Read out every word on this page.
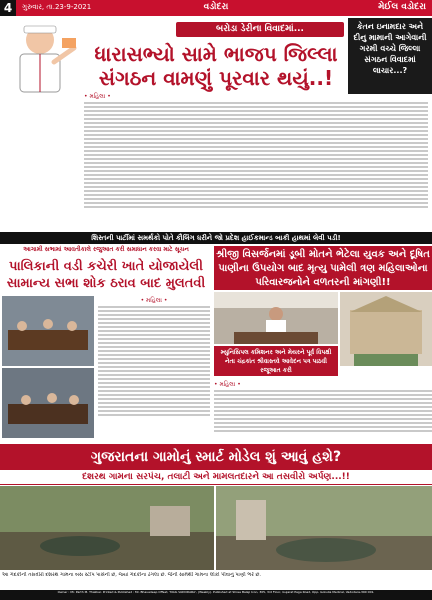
4	ગુરુવાર, તા.23-9-2021	વડોદરા	મેઈલ વડોદરા
બરોડા ડેરીના વિવાદમાં...
ધારાસભ્યો સામે ભાજપ જિલ્લા
સંગઠન વામણું પૂરવાર થયું..!
કેતન ઇનામદાર અને દીનુ મામાની આગેવાની ગરમી વચ્ચે જિલ્લા સંગઠન વિવાદમાં લાચાર...?
• મહિલા •
શિસ્તની પાર્ટીમાં સમર્થકો પોતે કૌલિંગ ધરીને જો પ્રદેશ હાઈકમાન્ડ બાકી હાથમાં લેવી પડી!
આગામી સભામાં આવતીકાલે રજુઆત કરી સમાધાન કરવા માટે સૂચન
પાલિકાની વડી કચેરી ખાતે યોજાયેલી
સામાન્ય સભા શોક ઠરાવ બાદ મુલતવી
• મહિલા •
શ્રીજી વિસર્જનમાં ડૂબી મોતને ભેટેલા યુવક અને દૂષિત
પાણીના ઉપયોગ બાદ મૃત્યુ પામેલી ત્રણ મહિલાઓના
પરિવારજનોને વળતરની માંગણી!!
મ્યુનિસિપલ કમિશનર અને મેયરને પૂર્વ વિપક્ષી નેતા ચંદ્રકાંત શ્રીવાસ્તવે આવેદન પત્ર પાઠવી રજૂઆત કરી
• મહિલા •
ગુજરાતના ગામોનું સ્માર્ટ મોડેલ શું આવું હશે?
દશરથ ગામના સરપંચ, તલાટી અને મામલતદારને આ તસવીરો અર્પણ...!!
આ ગંદકીની તસવીરો દશરથ ગામના બસ સ્ટોપ પાસેની છે, જ્યાં ગંદકીના ઢગલા છે. જેની સામેથી ગામના લોકો પીવાનું પાણી ભરે છે.
Owner : Mr. Parth M. Thakkar. Printed & Published : Mr. Bhavadeep Offset, 'MAIL VADODARA', (Weekly). Published at Shree Balaji Icon, 305, 3rd Floor, Gujarat Pega Road, Opp. Gokulia Medical, Vadodara-390 001.
